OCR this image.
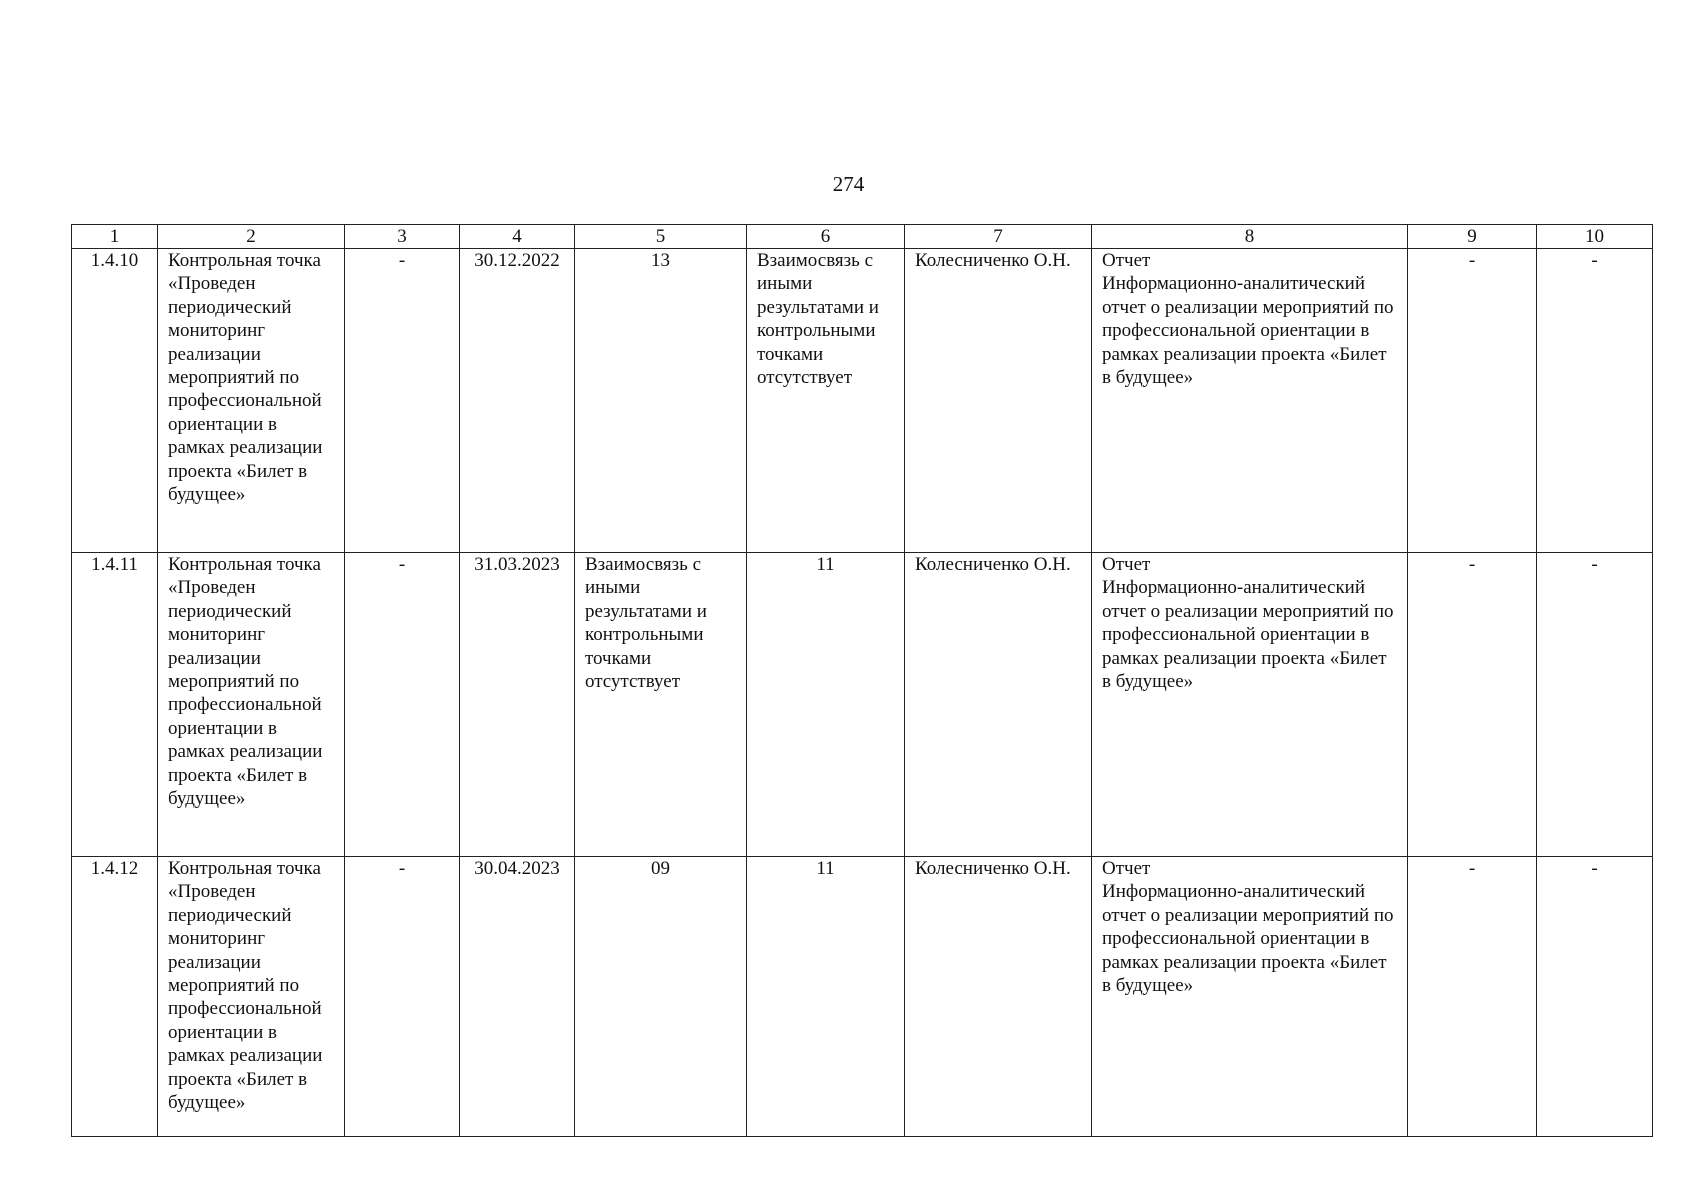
274
1	2	3	4	5	6	7	8	9	10
1.4.10	Контрольная точка «Проведен периодический мониторинг реализации мероприятий по профессиональной ориентации в рамках реализации проекта «Билет в будущее»	-	30.12.2022	13	Взаимосвязь с иными результатами и контрольными точками отсутствует	Колесниченко О.Н.	Отчет
Информационно-аналитический отчет о реализации мероприятий по профессиональной ориентации в рамках реализации проекта «Билет в будущее»	-	-
1.4.11	Контрольная точка «Проведен периодический мониторинг реализации мероприятий по профессиональной ориентации в рамках реализации проекта «Билет в будущее»	-	31.03.2023	Взаимосвязь с иными результатами и контрольными точками отсутствует	11	Колесниченко О.Н.	Отчет
Информационно-аналитический отчет о реализации мероприятий по профессиональной ориентации в рамках реализации проекта «Билет в будущее»	-	-
1.4.12	Контрольная точка «Проведен периодический мониторинг реализации мероприятий по профессиональной ориентации в рамках реализации проекта «Билет в будущее»	-	30.04.2023	09	11	Колесниченко О.Н.	Отчет
Информационно-аналитический отчет о реализации мероприятий по профессиональной ориентации в рамках реализации проекта «Билет в будущее»	-	-
